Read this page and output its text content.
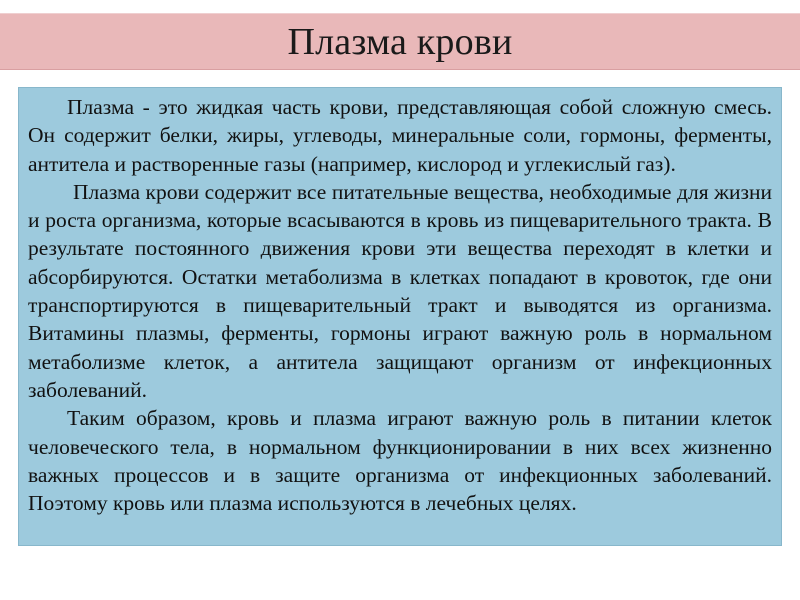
Плазма крови

Плазма - это жидкая часть крови, представляющая собой сложную смесь. Он содержит белки, жиры, углеводы, минеральные соли, гормоны, ферменты, антитела и растворенные газы (например, кислород и углекислый газ).

Плазма крови содержит все питательные вещества, необходимые для жизни и роста организма, которые всасываются в кровь из пищеварительного тракта. В результате постоянного движения крови эти вещества переходят в клетки и абсорбируются. Остатки метаболизма в клетках попадают в кровоток, где они транспортируются в пищеварительный тракт и выводятся из организма. Витамины плазмы, ферменты, гормоны играют важную роль в нормальном метаболизме клеток, а антитела защищают организм от инфекционных заболеваний.

Таким образом, кровь и плазма играют важную роль в питании клеток человеческого тела, в нормальном функционировании в них всех жизненно важных процессов и в защите организма от инфекционных заболеваний. Поэтому кровь или плазма используются в лечебных целях.
